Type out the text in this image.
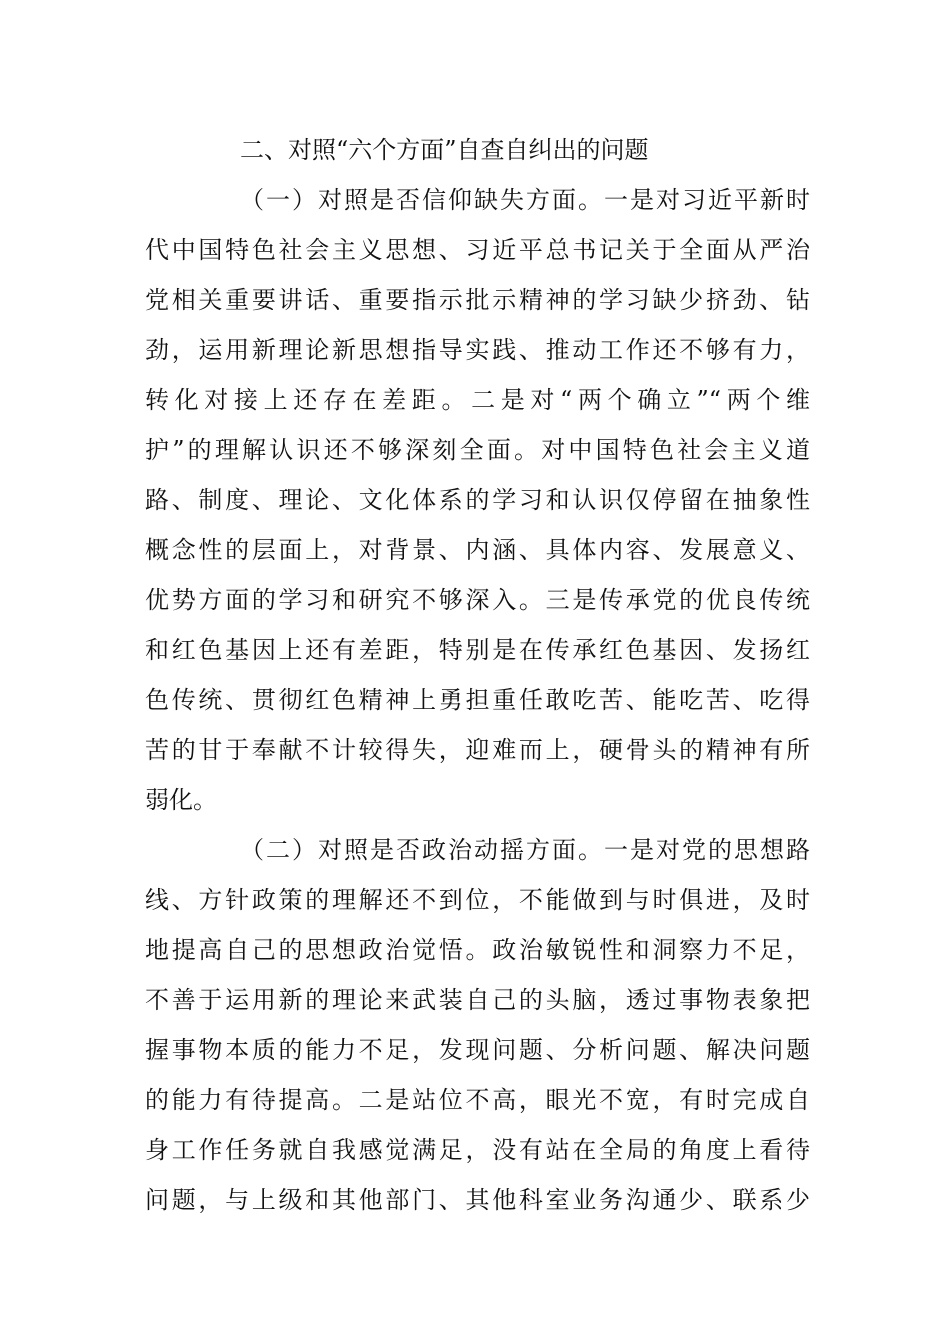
二、对照“六个方面”自查自纠出的问题
（一）对照是否信仰缺失方面。一是对习近平新时
代中国特色社会主义思想、习近平总书记关于全面从严治
党相关重要讲话、重要指示批示精神的学习缺少挤劲、钻
劲，运用新理论新思想指导实践、推动工作还不够有力，
转化对接上还存在差距。二是对“两个确立”“两个维
护”的理解认识还不够深刻全面。对中国特色社会主义道
路、制度、理论、文化体系的学习和认识仅停留在抽象性
概念性的层面上，对背景、内涵、具体内容、发展意义、
优势方面的学习和研究不够深入。三是传承党的优良传统
和红色基因上还有差距，特别是在传承红色基因、发扬红
色传统、贯彻红色精神上勇担重任敢吃苦、能吃苦、吃得
苦的甘于奉献不计较得失，迎难而上，硬骨头的精神有所
弱化。
（二）对照是否政治动摇方面。一是对党的思想路
线、方针政策的理解还不到位，不能做到与时俱进，及时
地提高自己的思想政治觉悟。政治敏锐性和洞察力不足，
不善于运用新的理论来武装自己的头脑，透过事物表象把
握事物本质的能力不足，发现问题、分析问题、解决问题
的能力有待提高。二是站位不高，眼光不宽，有时完成自
身工作任务就自我感觉满足，没有站在全局的角度上看待
问题，与上级和其他部门、其他科室业务沟通少、联系少
